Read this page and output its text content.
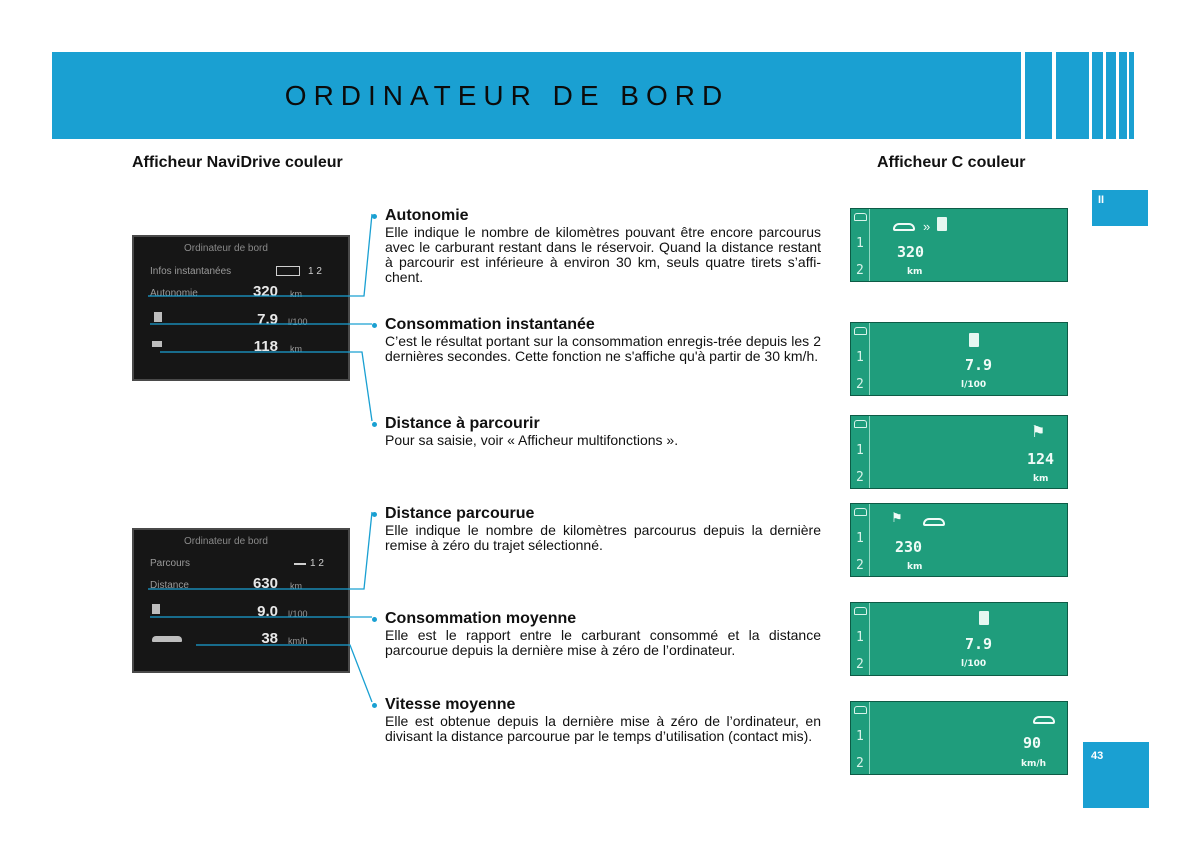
ORDINATEUR DE BORD
II
43
Afficheur NaviDrive couleur	Afficheur C couleur
Ordinateur de bord
Infos instantanées	1 2
Autonomie	320 km
7.9 l/100
118 km
Ordinateur de bord
Parcours	1 2
Distance	630 km
9.0 l/100
38 km/h
Autonomie

Elle indique le nombre de kilomètres pouvant être encore parcourus avec le carburant restant dans le réservoir. Quand la distance restant à parcourir est inférieure à environ 30 km, seuls quatre tirets s’affi-chent.

Consommation instantanée

C’est le résultat portant sur la consommation enregis-trée depuis les 2 dernières secondes. Cette fonction ne s'affiche qu'à partir de 30 km/h.

Distance à parcourir

Pour sa saisie, voir « Afficheur multifonctions ».

Distance parcourue

Elle indique le nombre de kilomètres parcourus depuis la dernière remise à zéro du trajet sélectionné.

Consommation moyenne

Elle est le rapport entre le carburant consommé et la distance parcourue depuis la dernière mise à zéro de l’ordinateur.

Vitesse moyenne

Elle est obtenue depuis la dernière mise à zéro de l’ordinateur, en divisant la distance parcourue par le temps d’utilisation (contact mis).

1
2
»
320
km
1
2
7.9
l/100
1
2
⚑
124
km
1
2
⚑
230
km
1
2
7.9
l/100
1
2
90
km/h
